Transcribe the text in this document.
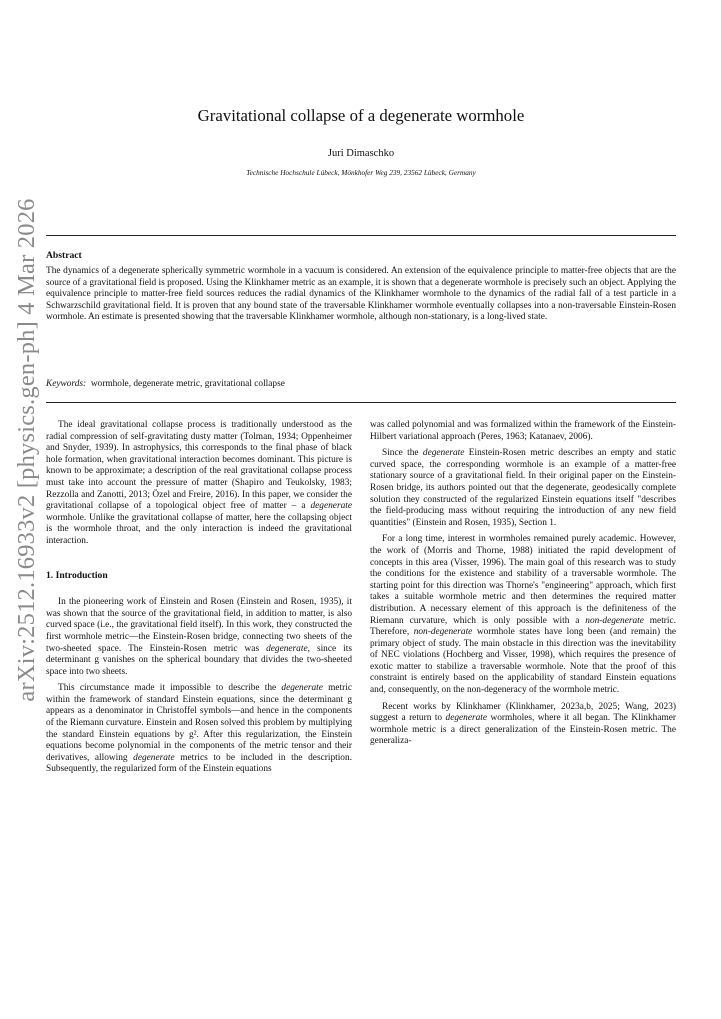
arXiv:2512.16933v2 [physics.gen-ph] 4 Mar 2026
Gravitational collapse of a degenerate wormhole
Juri Dimaschko
Technische Hochschule Lübeck, Mönkhofer Weg 239, 23562 Lübeck, Germany
Abstract
The dynamics of a degenerate spherically symmetric wormhole in a vacuum is considered. An extension of the equivalence principle to matter-free objects that are the source of a gravitational field is proposed. Using the Klinkhamer metric as an example, it is shown that a degenerate wormhole is precisely such an object. Applying the equivalence principle to matter-free field sources reduces the radial dynamics of the Klinkhamer wormhole to the dynamics of the radial fall of a test particle in a Schwarzschild gravitational field. It is proven that any bound state of the traversable Klinkhamer wormhole eventually collapses into a non-traversable Einstein-Rosen wormhole. An estimate is presented showing that the traversable Klinkhamer wormhole, although non-stationary, is a long-lived state.
Keywords: wormhole, degenerate metric, gravitational collapse

The ideal gravitational collapse process is traditionally understood as the radial compression of self-gravitating dusty matter (Tolman, 1934; Oppenheimer and Snyder, 1939). In astrophysics, this corresponds to the final phase of black hole formation, when gravitational interaction becomes dominant. This picture is known to be approximate; a description of the real gravitational collapse process must take into account the pressure of matter (Shapiro and Teukolsky, 1983; Rezzolla and Zanotti, 2013; Özel and Freire, 2016). In this paper, we consider the gravitational collapse of a topological object free of matter – a degenerate wormhole. Unlike the gravitational collapse of matter, here the collapsing object is the wormhole throat, and the only interaction is indeed the gravitational interaction.

1. Introduction

In the pioneering work of Einstein and Rosen (Einstein and Rosen, 1935), it was shown that the source of the gravitational field, in addition to matter, is also curved space (i.e., the gravitational field itself). In this work, they constructed the first wormhole metric—the Einstein-Rosen bridge, connecting two sheets of the two-sheeted space. The Einstein-Rosen metric was degenerate, since its determinant g vanishes on the spherical boundary that divides the two-sheeted space into two sheets.

This circumstance made it impossible to describe the degenerate metric within the framework of standard Einstein equations, since the determinant g appears as a denominator in Christoffel symbols—and hence in the components of the Riemann curvature. Einstein and Rosen solved this problem by multiplying the standard Einstein equations by g². After this regularization, the Einstein equations become polynomial in the components of the metric tensor and their derivatives, allowing degenerate metrics to be included in the description. Subsequently, the regularized form of the Einstein equations

was called polynomial and was formalized within the framework of the Einstein-Hilbert variational approach (Peres, 1963; Katanaev, 2006).

Since the degenerate Einstein-Rosen metric describes an empty and static curved space, the corresponding wormhole is an example of a matter-free stationary source of a gravitational field. In their original paper on the Einstein-Rosen bridge, its authors pointed out that the degenerate, geodesically complete solution they constructed of the regularized Einstein equations itself "describes the field-producing mass without requiring the introduction of any new field quantities" (Einstein and Rosen, 1935), Section 1.

For a long time, interest in wormholes remained purely academic. However, the work of (Morris and Thorne, 1988) initiated the rapid development of concepts in this area (Visser, 1996). The main goal of this research was to study the conditions for the existence and stability of a traversable wormhole. The starting point for this direction was Thorne's "engineering" approach, which first takes a suitable wormhole metric and then determines the required matter distribution. A necessary element of this approach is the definiteness of the Riemann curvature, which is only possible with a non-degenerate metric. Therefore, non-degenerate wormhole states have long been (and remain) the primary object of study. The main obstacle in this direction was the inevitability of NEC violations (Hochberg and Visser, 1998), which requires the presence of exotic matter to stabilize a traversable wormhole. Note that the proof of this constraint is entirely based on the applicability of standard Einstein equations and, consequently, on the non-degeneracy of the wormhole metric.

Recent works by Klinkhamer (Klinkhamer, 2023a,b, 2025; Wang, 2023) suggest a return to degenerate wormholes, where it all began. The Klinkhamer wormhole metric is a direct generalization of the Einstein-Rosen metric. The generaliza-
